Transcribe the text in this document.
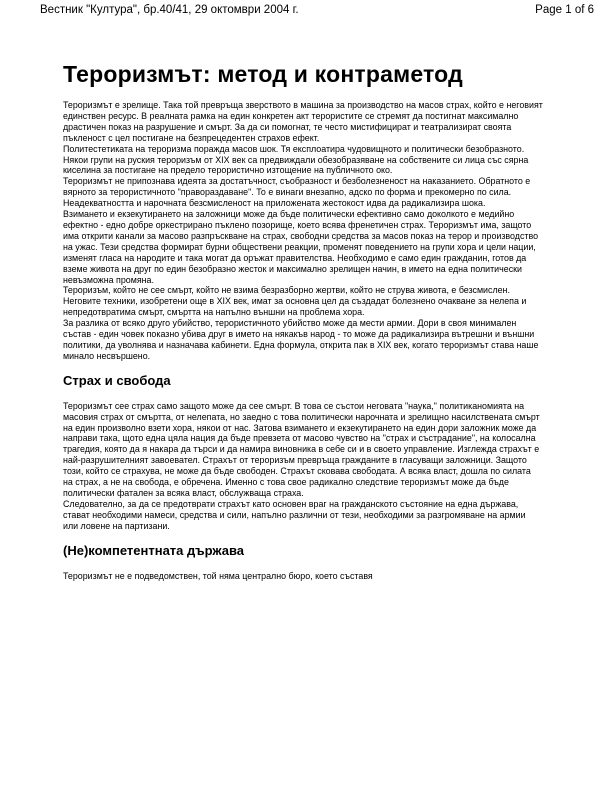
Вестник "Култура", бр.40/41, 29 октомври 2004 г.	Page 1 of 6
Тероризмът: метод и контраметод

Тероризмът е зрелище. Така той превръща зверството в машина за производство на масов страх, който е неговият единствен ресурс. В реалната рамка на един конкретен акт терористите се стремят да постигнат максимално драстичен показ на разрушение и смърт. За да си помогнат, те често мистифицират и театрализират своята пъкленост с цел постигане на безпрецедентен страхов ефект.

Политестетиката на тероризма поражда масов шок. Тя експлоатира чудовищното и политически безобразното. Някои групи на руския тероризъм от XIX век са предвиждали обезобразяване на собствените си лица със сярна киселина за постигане на предело терористично изтощение на публичното око.

Тероризмът не припознава идеята за достатъчност, съобразност и безболезненост на наказанието. Обратното е вярното за терористичното "правораздаване". То е винаги внезапно, адско по форма и прекомерно по сила. Неадекватността и нарочната безсмисленост на приложената жестокост идва да радикализира шока.

Взимането и екзекутирането на заложници може да бъде политически ефективно само доколкото е медийно ефектно - едно добре оркестрирано пъклено позорище, което всява френетичен страх. Тероризмът има, защото има открити канали за масово разпръскване на страх, свободни средства за масов показ на терор и производство на ужас. Тези средства формират бурни обществени реакции, променят поведението на групи хора и цели нации, изменят гласа на народите и така могат да оръжат правителства. Необходимо е само един гражданин, готов да вземе живота на друг по един безобразно жесток и максимално зрелищен начин, в името на една политически невъзможна промяна.

Тероризъм, който не сее смърт, който не взима безразборно жертви, който не струва живота, е безсмислен. Неговите техники, изобретени още в XIX век, имат за основна цел да създадат болезнено очакване за нелепа и непредотвратима смърт, смъртта на напълно външни на проблема хора.

За разлика от всяко друго убийство, терористичното убийство може да мести армии. Дори в своя минимален състав - един човек показно убива друг в името на някакъв народ - то може да радикализира вътрешни и външни политики, да уволнява и назначава кабинети. Една формула, открита пак в XIX век, когато тероризмът става наше минало несвършено.

Страх и свобода

Тероризмът сее страх само защото може да сее смърт. В това се състои неговата "наука," политиканомията на масовия страх от смъртта, от нелепата, но заедно с това политически нарочната и зрелищно насилствената смърт на един произволно взети хора, някои от нас. Затова взимането и екзекутирането на един дори заложник може да направи така, щото една цяла нация да бъде превзета от масово чувство на "страх и състрадание", на колосална трагедия, която да я накара да търси и да намира виновника в себе си и в своето управление. Изглежда страхът е най-разрушителният завоевател. Страхът от тероризъм превръща гражданите в гласуващи заложници. Защото този, който се страхува, не може да бъде свободен. Страхът сковава свободата. А всяка власт, дошла по силата на страх, а не на свобода, е обречена. Именно с това свое радикално следствие тероризмът може да бъде политически фатален за всяка власт, обслужваща страха.

Следователно, за да се предотврати страхът като основен враг на гражданското състояние на една държава, стават необходими намеси, средства и сили, напълно различни от тези, необходими за разгромяване на армии или ловене на партизани.

(Не)компетентната държава

Тероризмът не е подведомствен, той няма централно бюро, което съставя
